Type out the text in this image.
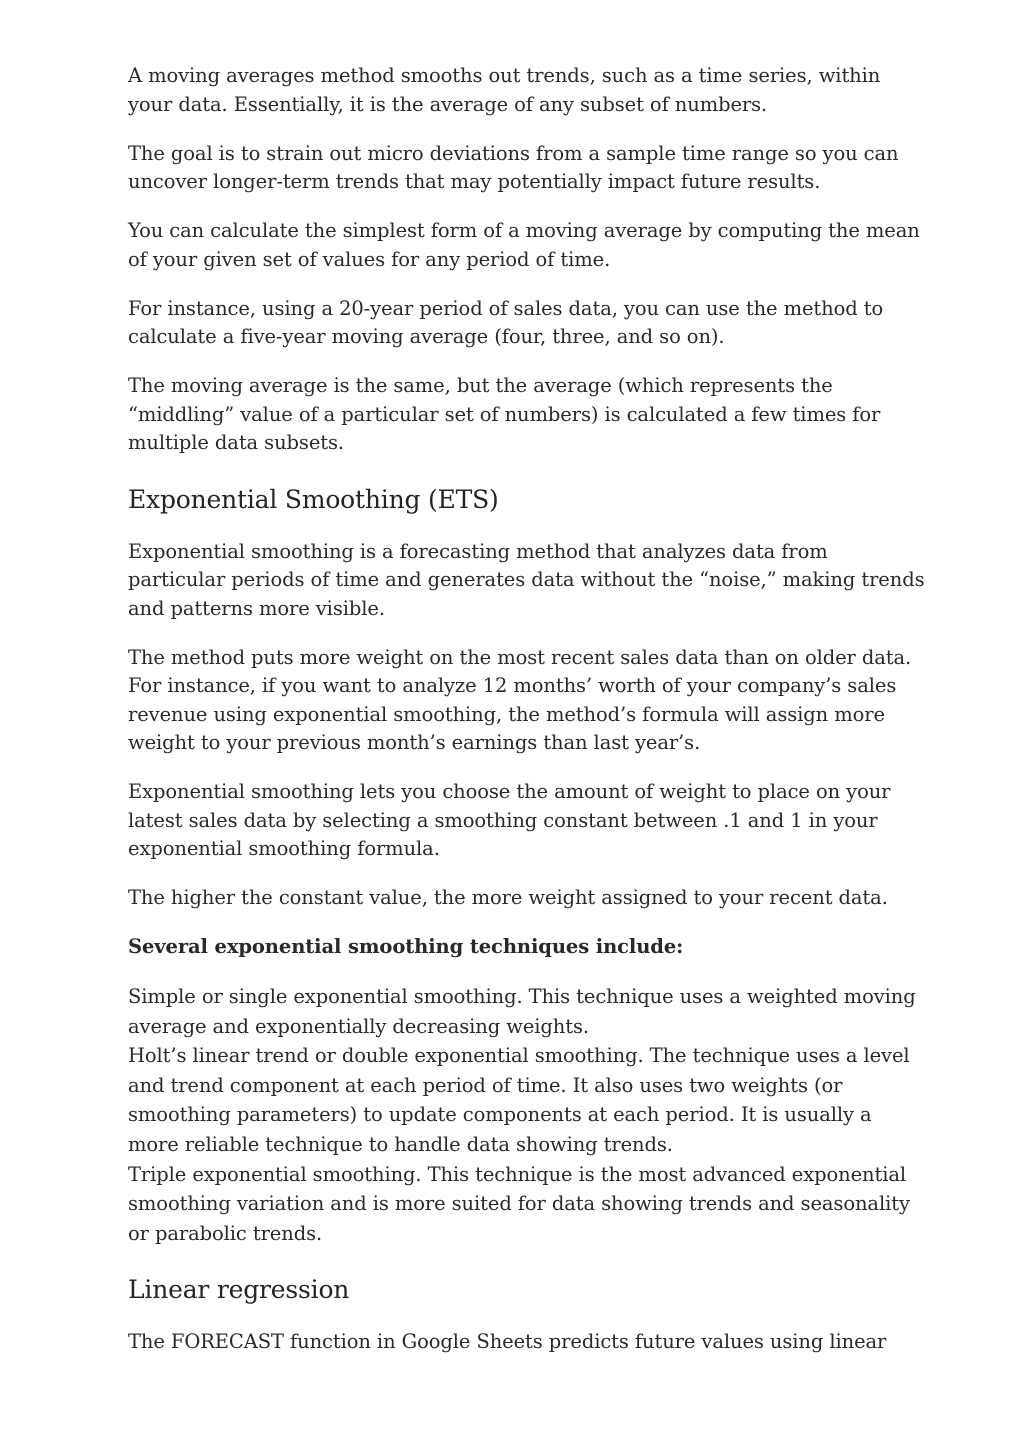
A moving averages method smooths out trends, such as a time series, within your data. Essentially, it is the average of any subset of numbers.

The goal is to strain out micro deviations from a sample time range so you can uncover longer-term trends that may potentially impact future results.

You can calculate the simplest form of a moving average by computing the mean of your given set of values for any period of time.

For instance, using a 20-year period of sales data, you can use the method to calculate a five-year moving average (four, three, and so on).

The moving average is the same, but the average (which represents the “middling” value of a particular set of numbers) is calculated a few times for multiple data subsets.

Exponential Smoothing (ETS)

Exponential smoothing is a forecasting method that analyzes data from particular periods of time and generates data without the “noise,” making trends and patterns more visible.

The method puts more weight on the most recent sales data than on older data. For instance, if you want to analyze 12 months’ worth of your company’s sales revenue using exponential smoothing, the method’s formula will assign more weight to your previous month’s earnings than last year’s.

Exponential smoothing lets you choose the amount of weight to place on your latest sales data by selecting a smoothing constant between .1 and 1 in your exponential smoothing formula.

The higher the constant value, the more weight assigned to your recent data.

Several exponential smoothing techniques include:

Simple or single exponential smoothing. This technique uses a weighted moving average and exponentially decreasing weights.
Holt’s linear trend or double exponential smoothing. The technique uses a level and trend component at each period of time. It also uses two weights (or smoothing parameters) to update components at each period. It is usually a more reliable technique to handle data showing trends.
Triple exponential smoothing. This technique is the most advanced exponential smoothing variation and is more suited for data showing trends and seasonality or parabolic trends.
Linear regression

The FORECAST function in Google Sheets predicts future values using linear
